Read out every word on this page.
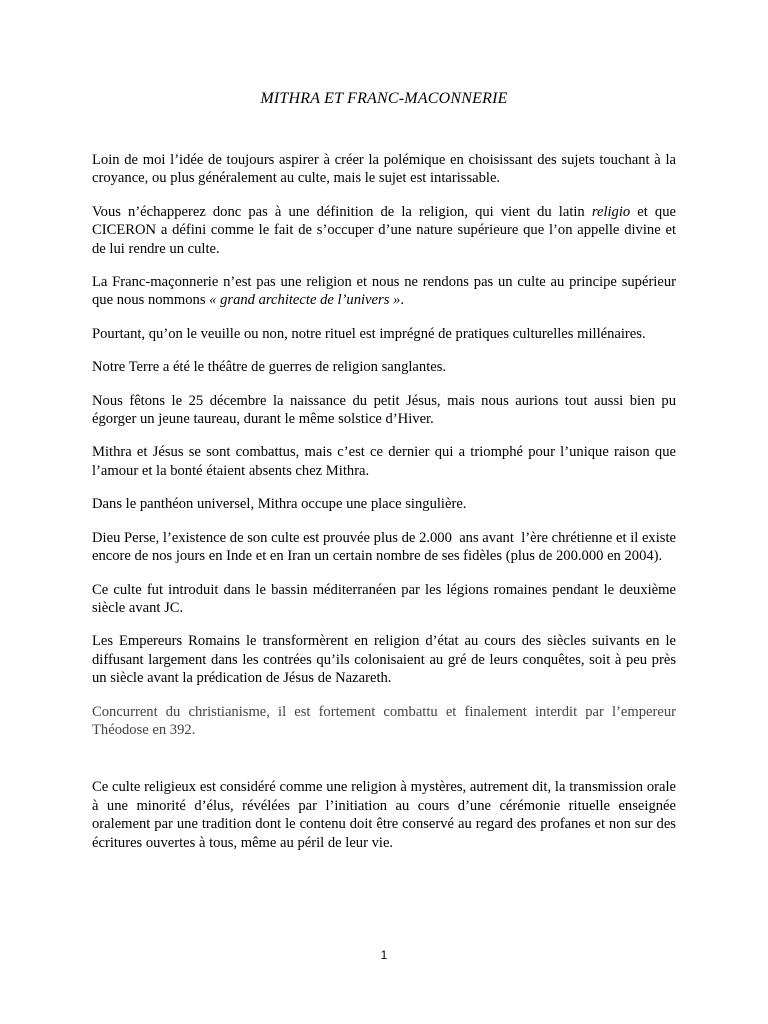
MITHRA ET FRANC-MACONNERIE

Loin de moi l’idée de toujours aspirer à créer la polémique en choisissant des sujets touchant à la croyance, ou plus généralement au culte, mais le sujet est intarissable.

Vous n’échapperez donc pas à une définition de la religion, qui vient du latin religio et que CICERON a défini comme le fait de s’occuper d’une nature supérieure que l’on appelle divine et de lui rendre un culte.

La Franc-maçonnerie n’est pas une religion et nous ne rendons pas un culte au principe supérieur que nous nommons « grand architecte de l’univers ».

Pourtant, qu’on le veuille ou non, notre rituel est imprégné de pratiques culturelles millénaires.

Notre Terre a été le théâtre de guerres de religion sanglantes.

Nous fêtons le 25 décembre la naissance du petit Jésus, mais nous aurions tout aussi bien pu égorger un jeune taureau, durant le même solstice d’Hiver.

Mithra et Jésus se sont combattus, mais c’est ce dernier qui a triomphé pour l’unique raison que l’amour et la bonté étaient absents chez Mithra.

Dans le panthéon universel, Mithra occupe une place singulière.

Dieu Perse, l’existence de son culte est prouvée plus de 2.000  ans avant  l’ère chrétienne et il existe encore de nos jours en Inde et en Iran un certain nombre de ses fidèles (plus de 200.000 en 2004).

Ce culte fut introduit dans le bassin méditerranéen par les légions romaines pendant le deuxième siècle avant JC.

Les Empereurs Romains le transformèrent en religion d’état au cours des siècles suivants en le diffusant largement dans les contrées qu’ils colonisaient au gré de leurs conquêtes, soit à peu près un siècle avant la prédication de Jésus de Nazareth.

Concurrent du christianisme, il est fortement combattu et finalement interdit par l’empereur Théodose en 392.

Ce culte religieux est considéré comme une religion à mystères, autrement dit, la transmission orale à une minorité d’élus, révélées par l’initiation au cours d’une cérémonie rituelle enseignée oralement par une tradition dont le contenu doit être conservé au regard des profanes et non sur des écritures ouvertes à tous, même au péril de leur vie.

1
